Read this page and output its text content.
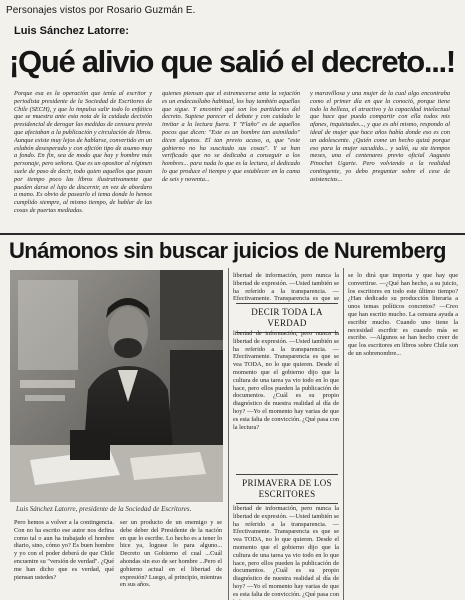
Personajes vistos por Rosario Guzmán E.
Luis Sánchez Latorre:
¡Qué alivio que salió el decreto...!
Porque esa es la operación que tenía al escritor y periodista presidente de la Sociedad de Escritores de Chile (SECH), y que lo impulsa salir todo lo enfático que se muestra ante esta nota de la cuidada decisión presidencial de derogar las medidas de censura previa que afectaban a la publicación y circulación de libros. Aunque existe muy lejos de hablarse, convertido en un eslabón desesperado y con afición tipo de asumo muy a fondo. En fin, sea de modo que hay y hombre más personaje, pero señora. Que es un opositor al régimen suele de paso de decir, todo quien aquellos que pasan por tiempo poco las libros ilustrativamente que pueden darse el lujo de discernir, en vez de abordaro a mano. Es obvio de pasearlo el tema donde lo hemos cumplido siempre, al mismo tiempo, de hablar de las cosas de puertas mediadas.
quienes piensan que el estremecerse ante la vejación es un endecasílabo habitual, los hay también aquellas que sigue. Y encontré qué son los partidarios del decreto. Supiese parecer el debate y con cuidado le invitar a la lectura fuera. Y "Flaño" es de aquellos pocos que dicen: "Este es un hombre tan asimilado" dicen algunos. El tan previo acaso, a, que "este gobierno no ha suscitado sus cosas". Y se han verificado que no se dedicaba a conseguir a los hombres... para nada lo que es la lectura, el dedicado lo que produce el tiempo y que establecer en la cama de seis y noventa...
y maravillosa y una mujer de la cual algo encontraba como el primer día en que la conoció, porque tiene todo la belleza, el atractivo y la capacidad intelectual que hace que pueda compartir con ella todos mis afanes, inquietudes..., y que es ahí mismo, respondo al ideal de mujer que hace años había donde eso es con un adolescente. ¿Quién come un hecho quizá porque eso para la mujer sacudido... y salió, su sia tiempos meses, una el centenares previo oficial Augusto Pinochet Ugarte. Pero volviendo a la realidad contingente, yo debo preguntar sobre el cese de asistencias...
Unámonos sin buscar juicios de Nuremberg
Luis Sánchez Latorre, presidente de la Sociedad de Escritores.
Pero hemos a volver a la contingencia. Con no ha escrito ese autor nos defina como tal o aun ha trabajado el hombre diario, sino, cómo yo? Es buen hombre y yo con el poder deberá de que Chile encuentre su "versión de verdad". ¿Qué me han dicho que es verdad, qué piensan ustedes?
ser un producto de un enemigo y se debe deber del Presidente de la nación en que lo escribe. Lo hecho es a tener lo hice ya, lograse lo para alguno... Decreto un Gobierno el cual ...Cuál ahondas sin eso de ser hombre ...Pero el gobierno actual en el libertad de expresión? Luego, al principio, mientras en sus años.
libertad de información, pero nunca la libertad de expresión. —Usted también se ha referido a la transparencia. —Efectivamente. Transparencia es que se
DECIR TODA LA VERDAD
libertad de información, pero nunca la libertad de expresión. —Usted también se ha referido a la transparencia. —Efectivamente. Transparencia es que se vea TODA, no lo que quieren. Desde el momento que el gobierno dijo que la cultura de una tarea ya vio todo en lo que hace, pero ellos pueden la publicación de documentos. ¿Cuál es su propio diagnóstico de nuestra realidad al día de hoy? —Yo el momento hay varias de que es esta falta de convicción. ¿Qué pasa con la lectura?
PRIMAVERA DE LOS ESCRITORES
libertad de información, pero nunca la libertad de expresión. —Usted también se ha referido a la transparencia. —Efectivamente. Transparencia es que se vea TODA, no lo que quieren. Desde el momento que el gobierno dijo que la cultura de una tarea ya vio todo en lo que hace, pero ellos pueden la publicación de documentos. ¿Cuál es su propio diagnóstico de nuestra realidad al día de hoy? —Yo el momento hay varias de que es esta falta de convicción. ¿Qué pasa con
se lo dirá que importa y que hay que convertirse. —¿Qué han hecho, a su juicio, los escritores en todo este último tiempo? ¿Han dedicado su producción literaria a unos temas políticos concretos? —Creo que han escrito mucho. La censura ayuda a escribir mucho. Cuando uno tiene la necesidad escribir es cuando más se escribe. —Algunos se han hecho creer de que los escritores en libros sobre Chile son de un sobrenombre...
